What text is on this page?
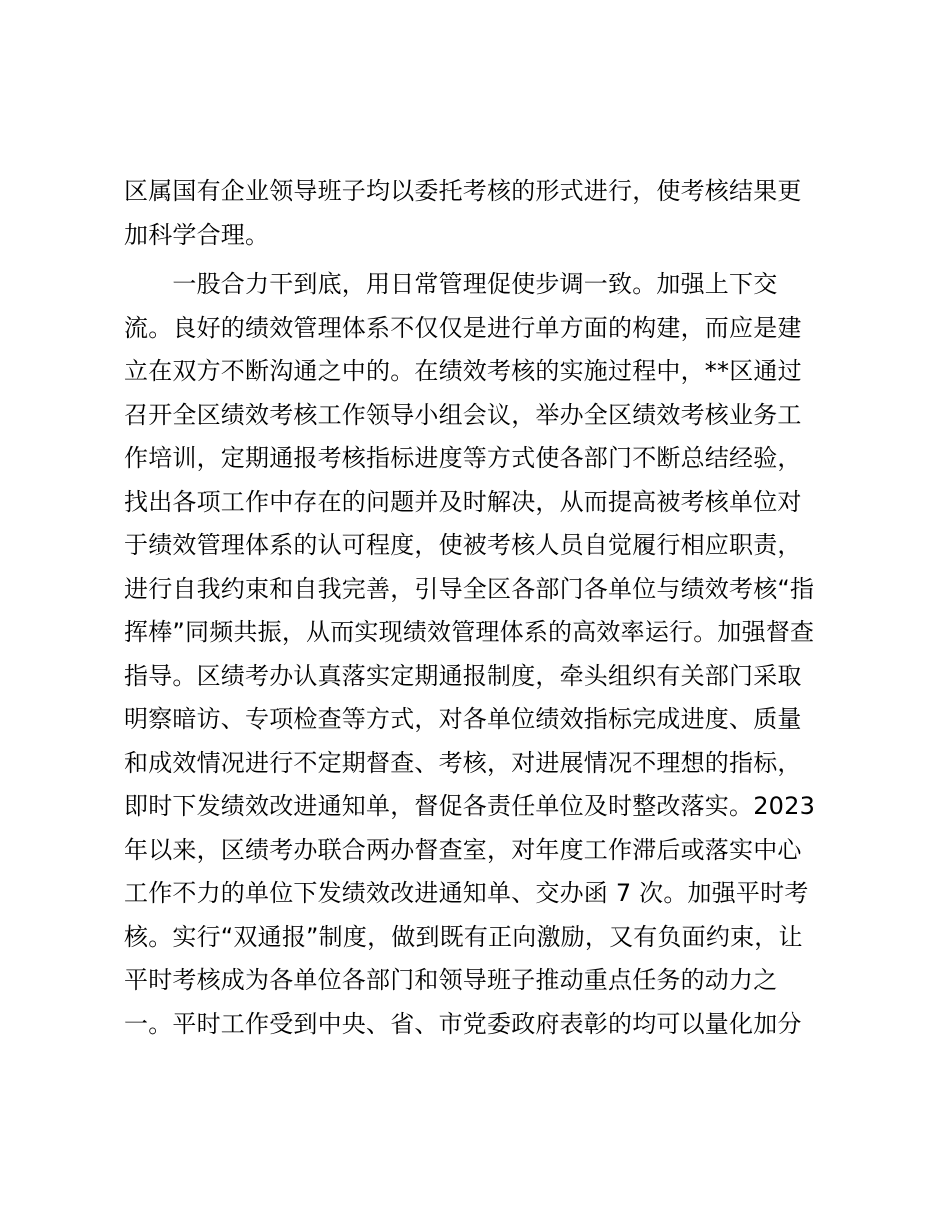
区属国有企业领导班子均以委托考核的形式进行，使考核结果更
加科学合理。
　　一股合力干到底，用日常管理促使步调一致。加强上下交
流。良好的绩效管理体系不仅仅是进行单方面的构建，而应是建
立在双方不断沟通之中的。在绩效考核的实施过程中，**区通过
召开全区绩效考核工作领导小组会议，举办全区绩效考核业务工
作培训，定期通报考核指标进度等方式使各部门不断总结经验，
找出各项工作中存在的问题并及时解决，从而提高被考核单位对
于绩效管理体系的认可程度，使被考核人员自觉履行相应职责，
进行自我约束和自我完善，引导全区各部门各单位与绩效考核“指
挥棒”同频共振，从而实现绩效管理体系的高效率运行。加强督查
指导。区绩考办认真落实定期通报制度，牵头组织有关部门采取
明察暗访、专项检查等方式，对各单位绩效指标完成进度、质量
和成效情况进行不定期督查、考核，对进展情况不理想的指标，
即时下发绩效改进通知单，督促各责任单位及时整改落实。2023
年以来，区绩考办联合两办督查室，对年度工作滞后或落实中心
工作不力的单位下发绩效改进通知单、交办函 7 次。加强平时考
核。实行“双通报”制度，做到既有正向激励，又有负面约束，让
平时考核成为各单位各部门和领导班子推动重点任务的动力之
一。平时工作受到中央、省、市党委政府表彰的均可以量化加分
